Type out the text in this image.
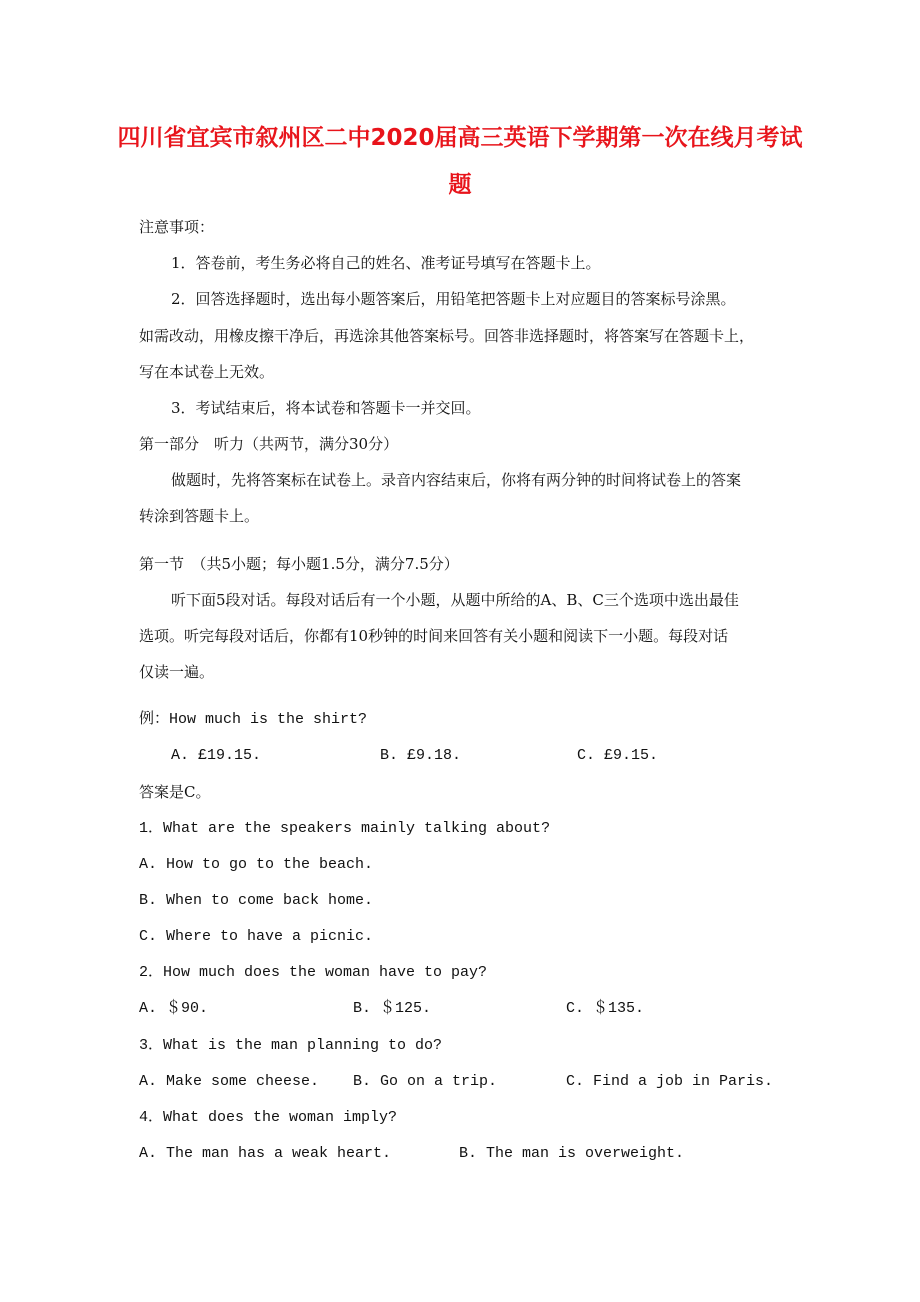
四川省宜宾市叙州区二中2020届高三英语下学期第一次在线月考试
题
注意事项：
1．答卷前，考生务必将自己的姓名、准考证号填写在答题卡上。
2．回答选择题时，选出每小题答案后，用铅笔把答题卡上对应题目的答案标号涂黑。
如需改动，用橡皮擦干净后，再选涂其他答案标号。回答非选择题时，将答案写在答题卡上，
写在本试卷上无效。
3．考试结束后，将本试卷和答题卡一并交回。
第一部分　听力（共两节，满分30分）
做题时，先将答案标在试卷上。录音内容结束后，你将有两分钟的时间将试卷上的答案
转涂到答题卡上。
第一节　（共5小题；每小题1.5分，满分7.5分）
听下面5段对话。每段对话后有一个小题，从题中所给的A、B、C三个选项中选出最佳
选项。听完每段对话后，你都有10秒钟的时间来回答有关小题和阅读下一小题。每段对话
仅读一遍。
例：How much is the shirt?
A. £19.15.	B. £9.18.	C. £9.15.
答案是C。
1．What are the speakers mainly talking about?
A. How to go to the beach.
B. When to come back home.
C. Where to have a picnic.
2．How much does the woman have to pay?
A. ＄90.	B. ＄125.	C. ＄135.
3．What is the man planning to do?
A. Make some cheese. B. Go on a trip.	C. Find a job in Paris.
4．What does the woman imply?
A. The man has a weak heart.	B. The man is overweight.
